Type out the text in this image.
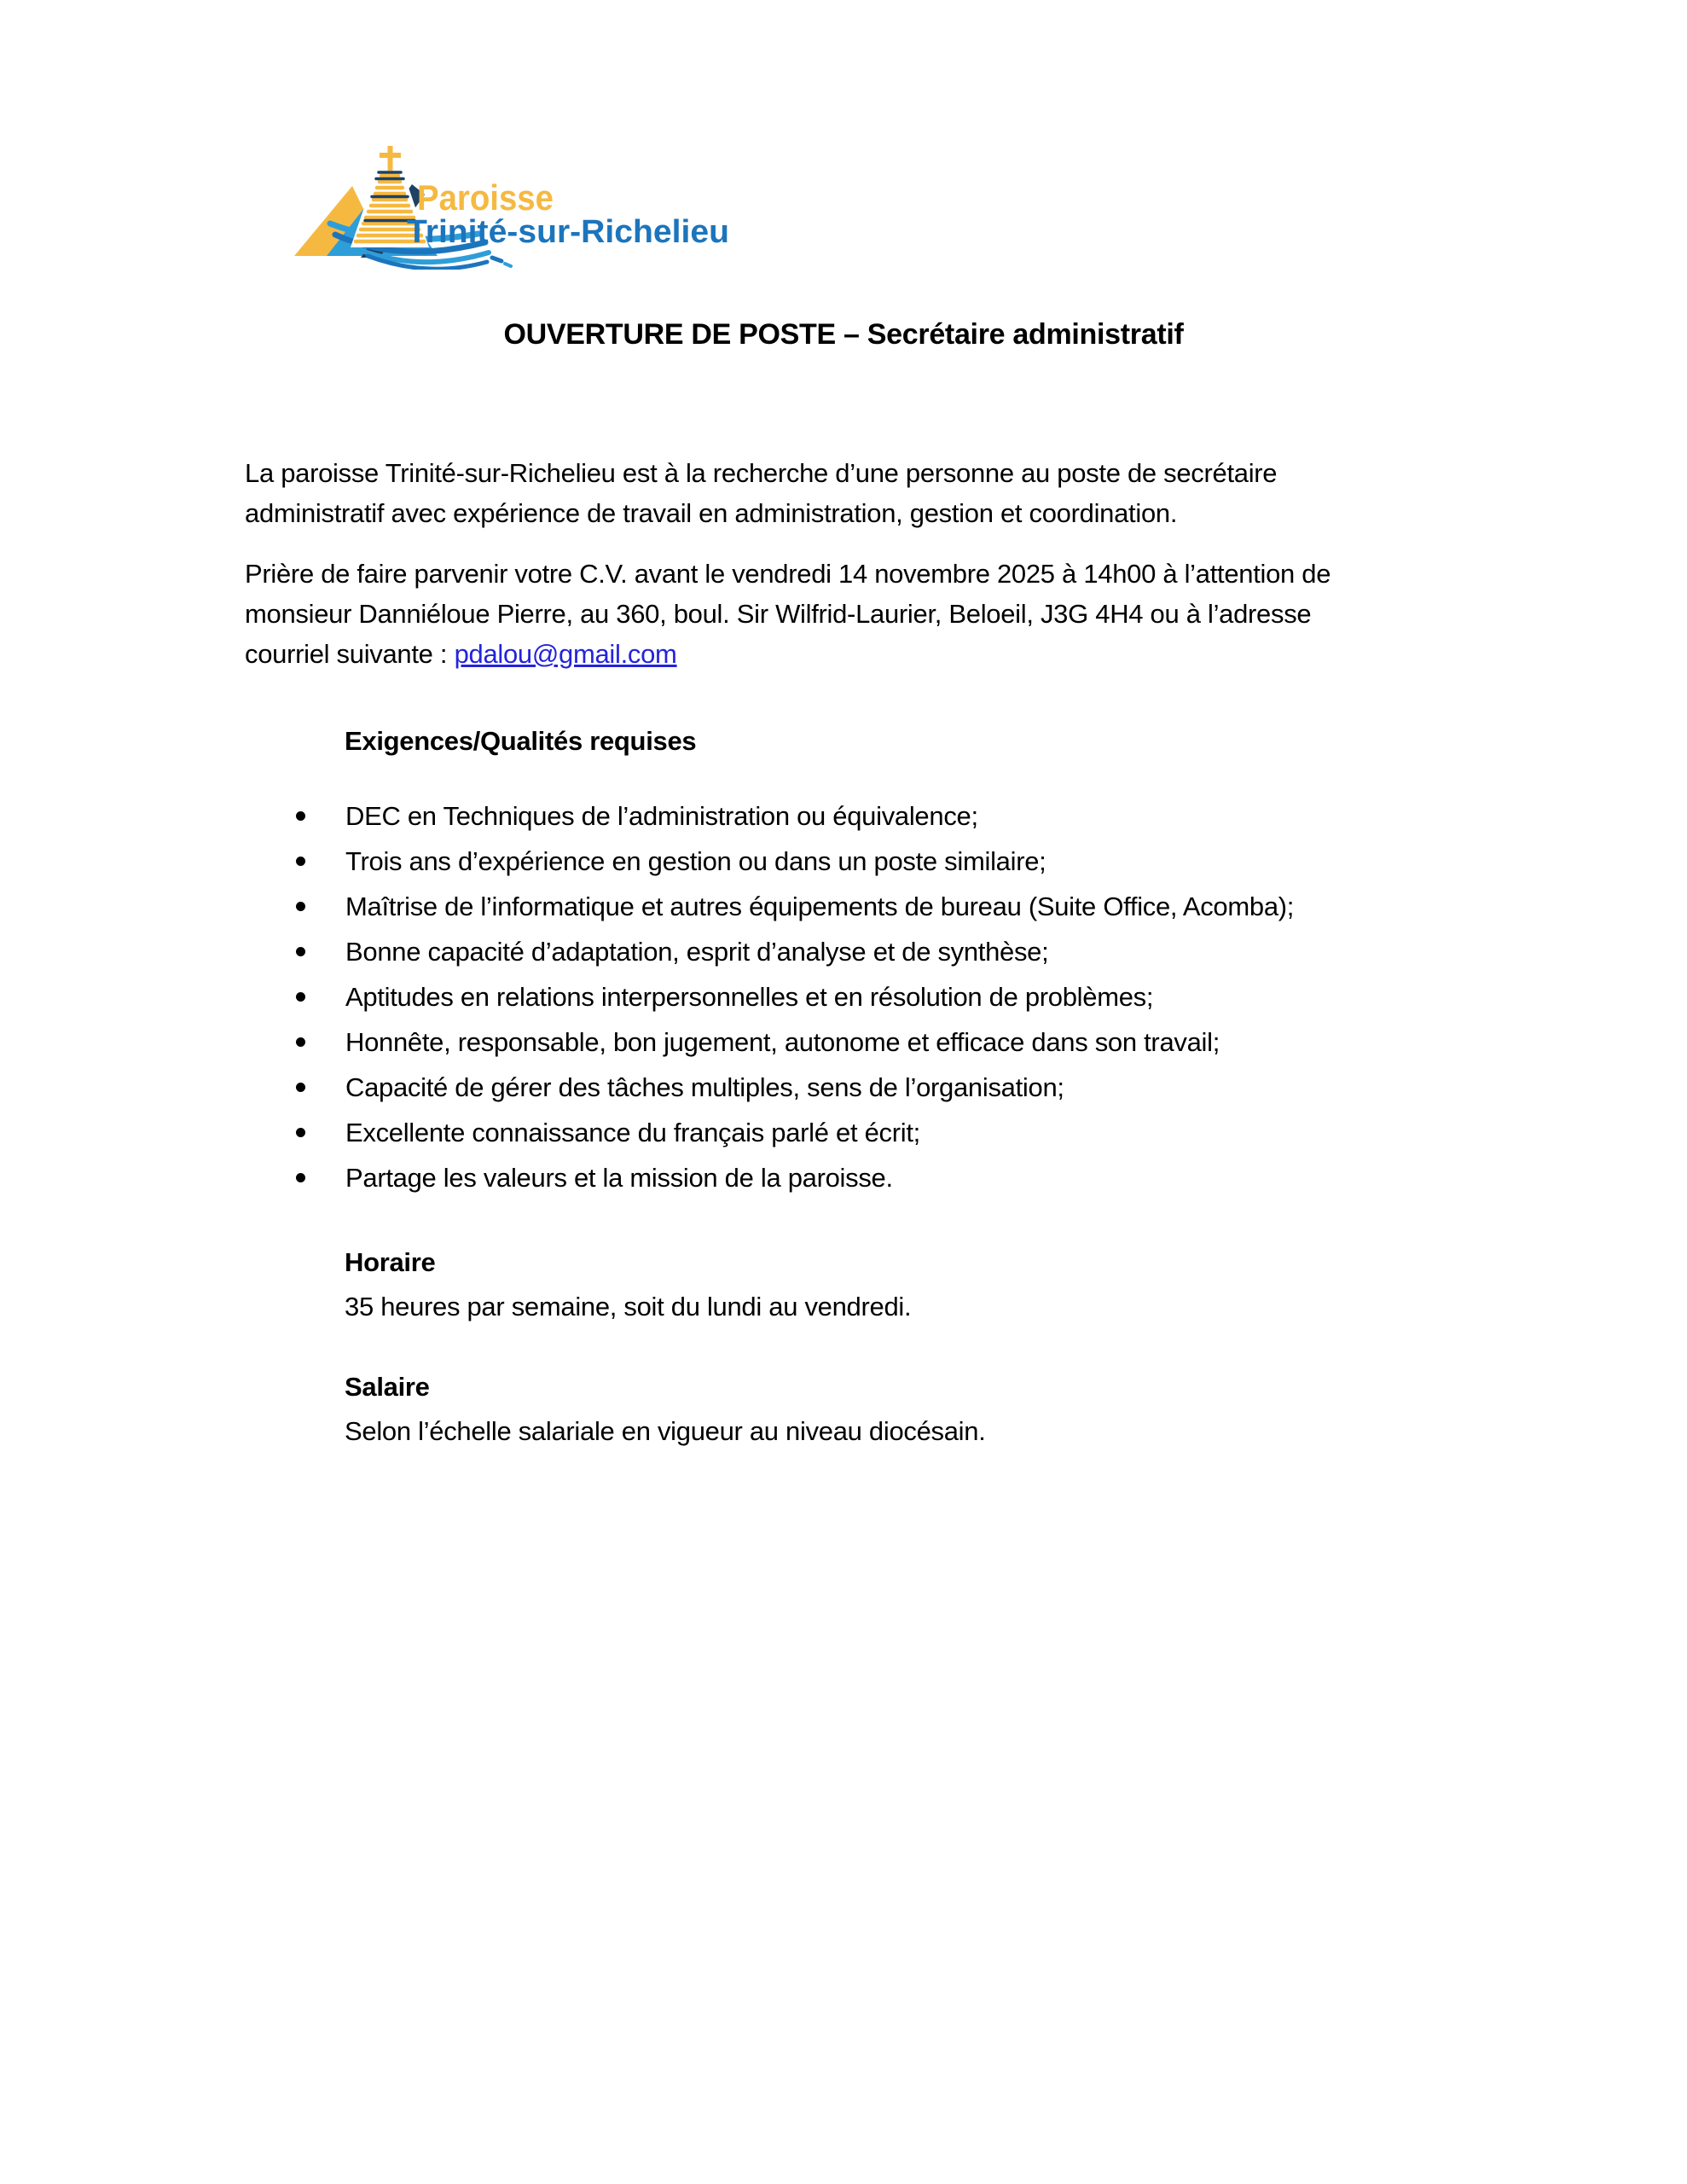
Paroisse
Trinité-sur-Richelieu
OUVERTURE DE POSTE – Secrétaire administratif

La paroisse Trinité-sur-Richelieu est à la recherche d’une personne au poste de secrétaire
administratif avec expérience de travail en administration, gestion et coordination.

Prière de faire parvenir votre C.V. avant le vendredi 14 novembre 2025 à 14h00 à l’attention de
monsieur Danniéloue Pierre, au 360, boul. Sir Wilfrid-Laurier, Beloeil, J3G 4H4 ou à l’adresse
courriel suivante : pdalou@gmail.com

Exigences/Qualités requises
DEC en Techniques de l’administration ou équivalence;
Trois ans d’expérience en gestion ou dans un poste similaire;
Maîtrise de l’informatique et autres équipements de bureau (Suite Office, Acomba);
Bonne capacité d’adaptation, esprit d’analyse et de synthèse;
Aptitudes en relations interpersonnelles et en résolution de problèmes;
Honnête, responsable, bon jugement, autonome et efficace dans son travail;
Capacité de gérer des tâches multiples, sens de l’organisation;
Excellente connaissance du français parlé et écrit;
Partage les valeurs et la mission de la paroisse.
Horaire

35 heures par semaine, soit du lundi au vendredi.

Salaire

Selon l’échelle salariale en vigueur au niveau diocésain.
